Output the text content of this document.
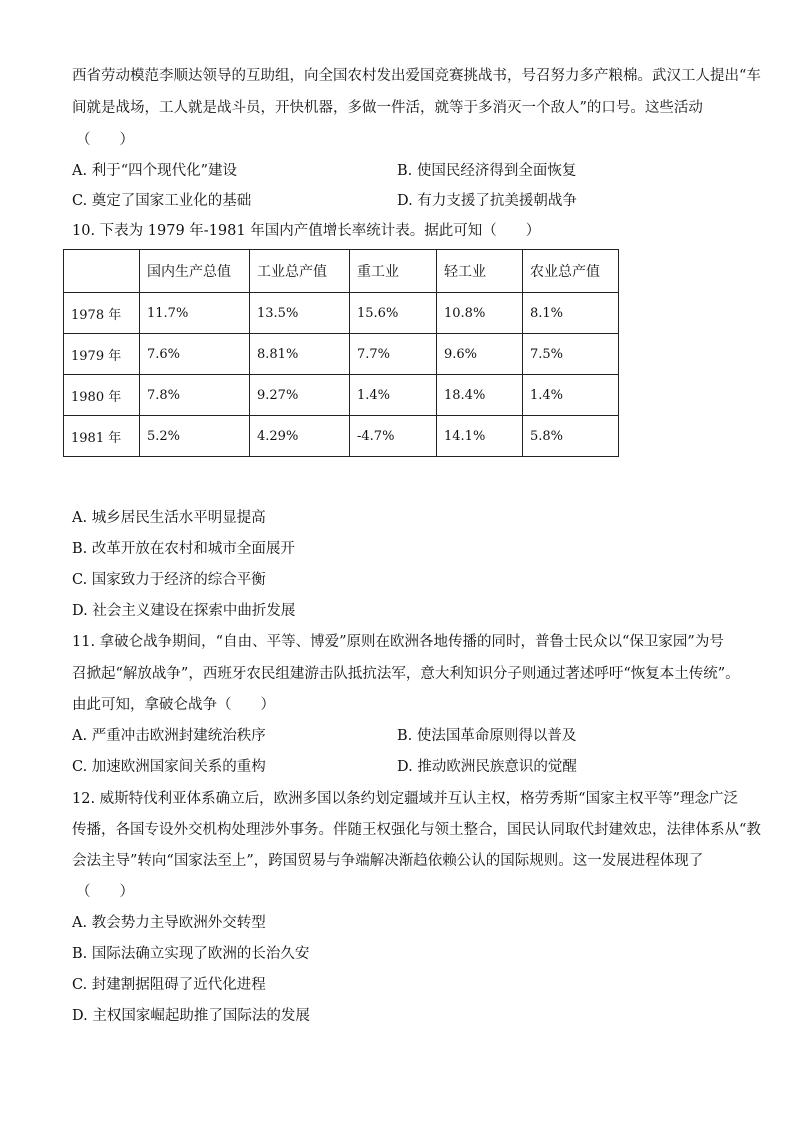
西省劳动模范李顺达领导的互助组，向全国农村发出爱国竞赛挑战书，号召努力多产粮棉。武汉工人提出“车
间就是战场，工人就是战斗员，开快机器，多做一件活，就等于多消灭一个敌人”的口号。这些活动
（　　）
A. 利于“四个现代化”建设	B. 使国民经济得到全面恢复
C. 奠定了国家工业化的基础	D. 有力支援了抗美援朝战争
10. 下表为 1979 年-1981 年国内产值增长率统计表。据此可知（　　）
	国内生产总值	工业总产值	重工业	轻工业	农业总产值
1978 年	11.7%	13.5%	15.6%	10.8%	8.1%
1979 年	7.6%	8.81%	7.7%	9.6%	7.5%
1980 年	7.8%	9.27%	1.4%	18.4%	1.4%
1981 年	5.2%	4.29%	-4.7%	14.1%	5.8%
A. 城乡居民生活水平明显提高
B. 改革开放在农村和城市全面展开
C. 国家致力于经济的综合平衡
D. 社会主义建设在探索中曲折发展
11. 拿破仑战争期间，“自由、平等、博爱”原则在欧洲各地传播的同时，普鲁士民众以“保卫家园”为号
召掀起“解放战争”，西班牙农民组建游击队抵抗法军，意大利知识分子则通过著述呼吁“恢复本土传统”。
由此可知，拿破仑战争（　　）
A. 严重冲击欧洲封建统治秩序	B. 使法国革命原则得以普及
C. 加速欧洲国家间关系的重构	D. 推动欧洲民族意识的觉醒
12. 威斯特伐利亚体系确立后，欧洲多国以条约划定疆域并互认主权，格劳秀斯“国家主权平等”理念广泛
传播，各国专设外交机构处理涉外事务。伴随王权强化与领土整合，国民认同取代封建效忠，法律体系从“教
会法主导”转向“国家法至上”，跨国贸易与争端解决渐趋依赖公认的国际规则。这一发展进程体现了
（　　）
A. 教会势力主导欧洲外交转型
B. 国际法确立实现了欧洲的长治久安
C. 封建割据阻碍了近代化进程
D. 主权国家崛起助推了国际法的发展
